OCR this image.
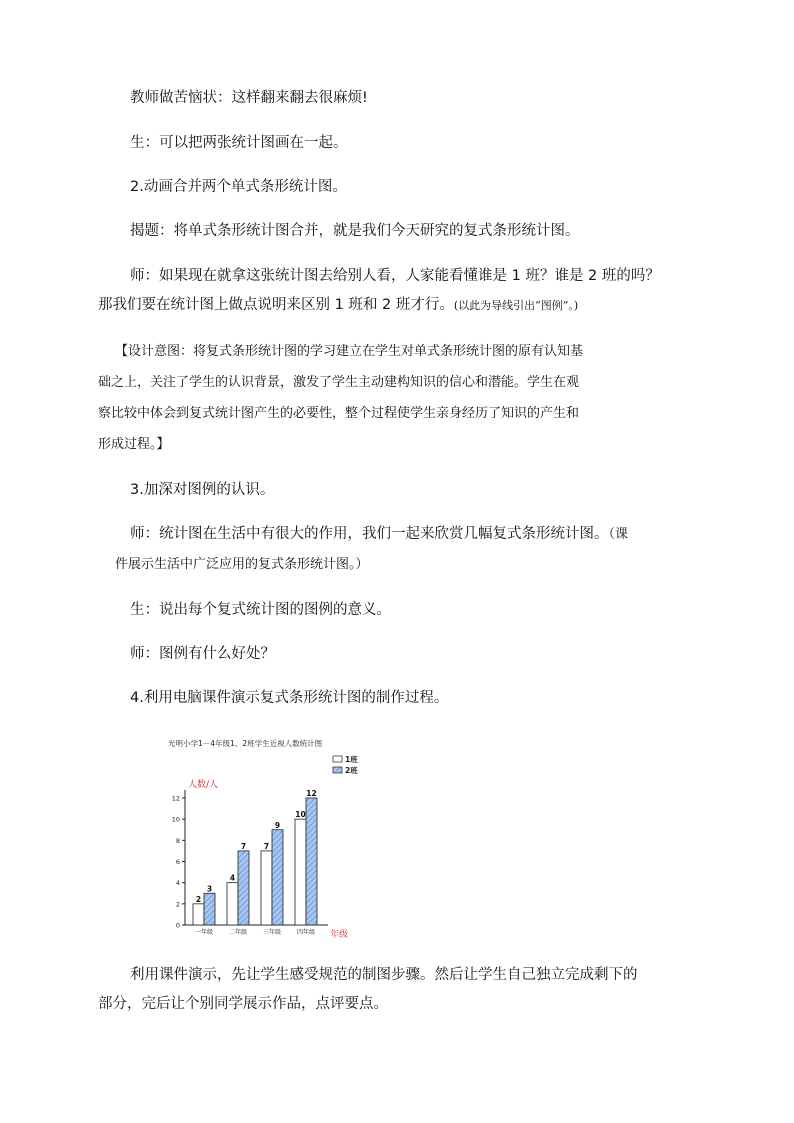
教师做苦恼状：这样翻来翻去很麻烦!
生：可以把两张统计图画在一起。
2.动画合并两个单式条形统计图。
揭题：将单式条形统计图合并，就是我们今天研究的复式条形统计图。
师：如果现在就拿这张统计图去给别人看，人家能看懂谁是 1 班？谁是 2 班的吗？
那我们要在统计图上做点说明来区别 1 班和 2 班才行。(以此为导线引出“图例”。)
【设计意图：将复式条形统计图的学习建立在学生对单式条形统计图的原有认知基
础之上，关注了学生的认识背景，激发了学生主动建构知识的信心和潜能。学生在观
察比较中体会到复式统计图产生的必要性，整个过程使学生亲身经历了知识的产生和
形成过程。】
3.加深对图例的认识。
师：统计图在生活中有很大的作用，我们一起来欣赏几幅复式条形统计图。（课
件展示生活中广泛应用的复式条形统计图。）
生：说出每个复式统计图的图例的意义。
师：图例有什么好处？
4.利用电脑课件演示复式条形统计图的制作过程。
光明小学1－4年级1、2班学生近视人数统计图
人数/人
年级
0
2
4
6
8
10
12
一年级	二年级	三年级	四年级
2
3
4
7 7
9
10
12
1班
2班
利用课件演示，先让学生感受规范的制图步骤。然后让学生自己独立完成剩下的
部分，完后让个别同学展示作品，点评要点。
